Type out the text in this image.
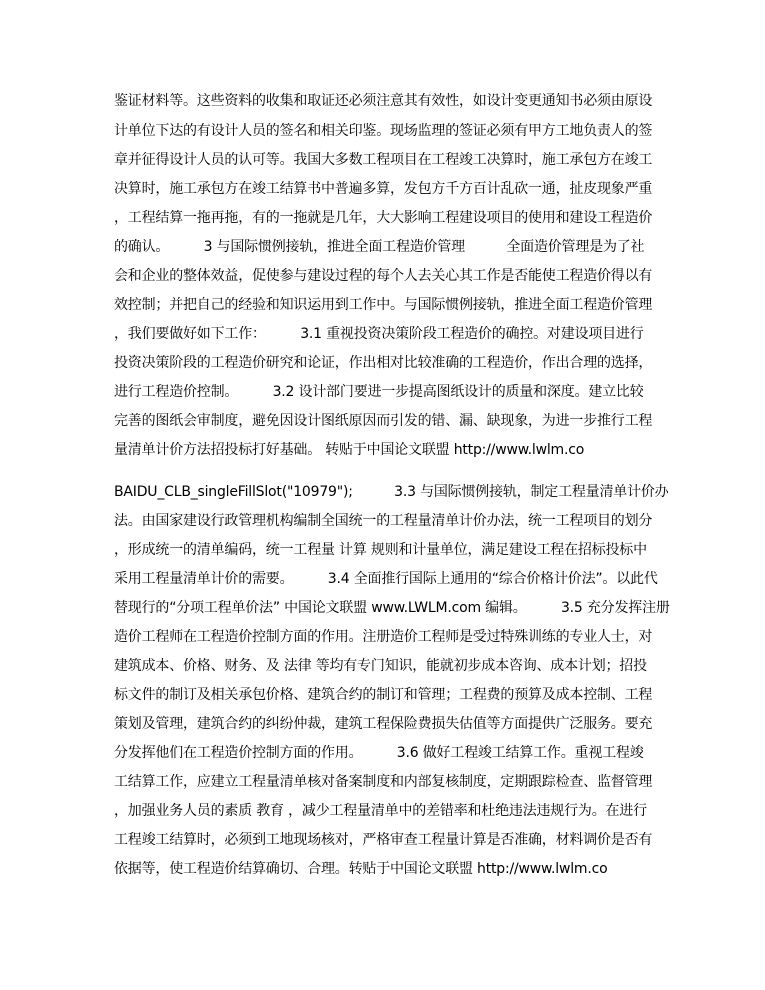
鉴证材料等。这些资料的收集和取证还必须注意其有效性，如设计变更通知书必须由原设
计单位下达的有设计人员的签名和相关印鉴。现场监理的签证必须有甲方工地负责人的签
章并征得设计人员的认可等。我国大多数工程项目在工程竣工决算时，施工承包方在竣工
决算时，施工承包方在竣工结算书中普遍多算，发包方千方百计乱砍一通，扯皮现象严重
，工程结算一拖再拖，有的一拖就是几年，大大影响工程建设项目的使用和建设工程造价
的确认。　　　3 与国际惯例接轨，推进全面工程造价管理　　　全面造价管理是为了社
会和企业的整体效益，促使参与建设过程的每个人去关心其工作是否能使工程造价得以有
效控制；并把自己的经验和知识运用到工作中。与国际惯例接轨，推进全面工程造价管理
，我们要做好如下工作：　　　3.1 重视投资决策阶段工程造价的确控。对建设项目进行
投资决策阶段的工程造价研究和论证，作出相对比较准确的工程造价，作出合理的选择，
进行工程造价控制。　　　3.2 设计部门要进一步提高图纸设计的质量和深度。建立比较
完善的图纸会审制度，避免因设计图纸原因而引发的错、漏、缺现象，为进一步推行工程
量清单计价方法招投标打好基础。 转贴于中国论文联盟 http://www.lwlm.co
BAIDU_CLB_singleFillSlot("10979");　　　3.3 与国际惯例接轨，制定工程量清单计价办
法。由国家建设行政管理机构编制全国统一的工程量清单计价办法，统一工程项目的划分
，形成统一的清单编码，统一工程量 计算 规则和计量单位，满足建设工程在招标投标中
采用工程量清单计价的需要。　　　3.4 全面推行国际上通用的“综合价格计价法”。以此代
替现行的“分项工程单价法” 中国论文联盟 www.LWLM.com 编辑。　　　3.5 充分发挥注册
造价工程师在工程造价控制方面的作用。注册造价工程师是受过特殊训练的专业人士，对
建筑成本、价格、财务、及 法律 等均有专门知识，能就初步成本咨询、成本计划；招投
标文件的制订及相关承包价格、建筑合约的制订和管理；工程费的预算及成本控制、工程
策划及管理，建筑合约的纠纷仲裁，建筑工程保险费损失估值等方面提供广泛服务。要充
分发挥他们在工程造价控制方面的作用。　　　3.6 做好工程竣工结算工作。重视工程竣
工结算工作，应建立工程量清单核对备案制度和内部复核制度，定期跟踪检查、监督管理
，加强业务人员的素质 教育 ，减少工程量清单中的差错率和杜绝违法违规行为。在进行
工程竣工结算时，必须到工地现场核对，严格审查工程量计算是否准确，材料调价是否有
依据等，使工程造价结算确切、合理。转贴于中国论文联盟 http://www.lwlm.co
